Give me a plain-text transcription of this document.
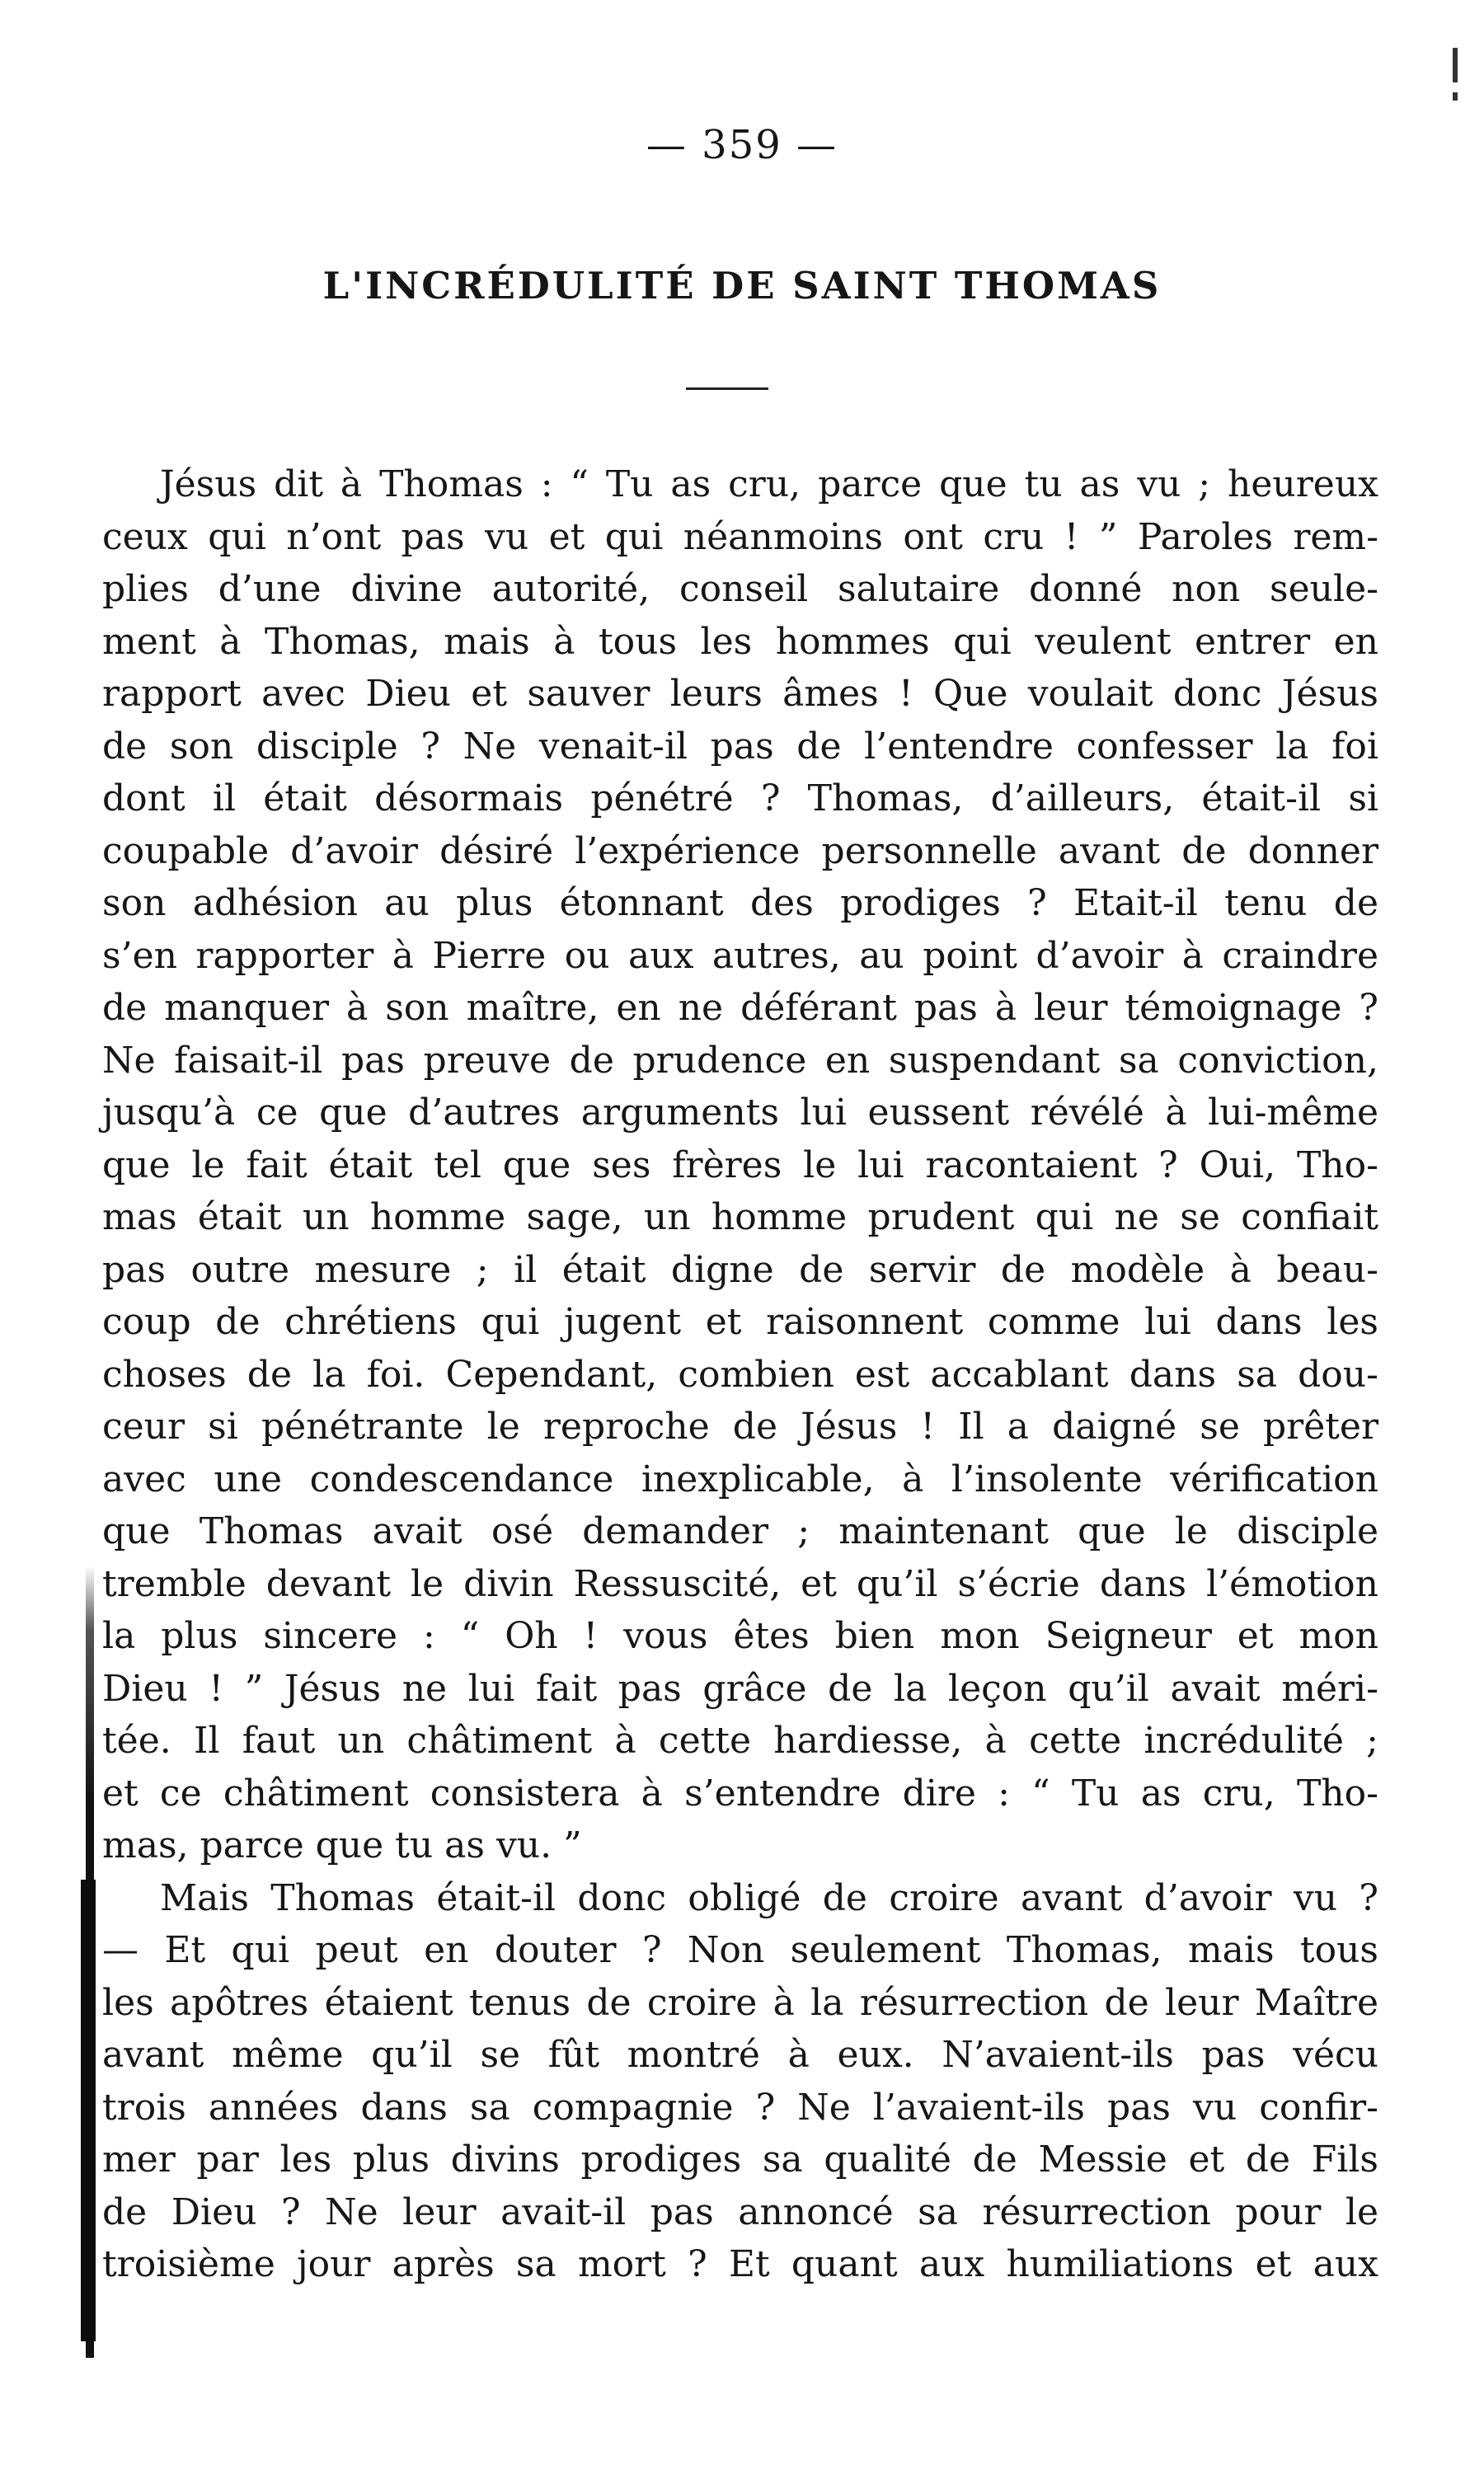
— 359 —
L'INCRÉDULITÉ DE SAINT THOMAS
Jésus dit à Thomas : “ Tu as cru, parce que tu as vu ; heureux
ceux qui n’ont pas vu et qui néanmoins ont cru ! ” Paroles rem-
plies d’une divine autorité, conseil salutaire donné non seule-
ment à Thomas, mais à tous les hommes qui veulent entrer en
rapport avec Dieu et sauver leurs âmes ! Que voulait donc Jésus
de son disciple ? Ne venait-il pas de l’entendre confesser la foi
dont il était désormais pénétré ? Thomas, d’ailleurs, était-il si
coupable d’avoir désiré l’expérience personnelle avant de donner
son adhésion au plus étonnant des prodiges ? Etait-il tenu de
s’en rapporter à Pierre ou aux autres, au point d’avoir à craindre
de manquer à son maître, en ne déférant pas à leur témoignage ?
Ne faisait-il pas preuve de prudence en suspendant sa conviction,
jusqu’à ce que d’autres arguments lui eussent révélé à lui-même
que le fait était tel que ses frères le lui racontaient ? Oui, Tho-
mas était un homme sage, un homme prudent qui ne se confiait
pas outre mesure ; il était digne de servir de modèle à beau-
coup de chrétiens qui jugent et raisonnent comme lui dans les
choses de la foi. Cependant, combien est accablant dans sa dou-
ceur si pénétrante le reproche de Jésus ! Il a daigné se prêter
avec une condescendance inexplicable, à l’insolente vérification
que Thomas avait osé demander ; maintenant que le disciple
tremble devant le divin Ressuscité, et qu’il s’écrie dans l’émotion
la plus sincere : “ Oh ! vous êtes bien mon Seigneur et mon
Dieu ! ” Jésus ne lui fait pas grâce de la leçon qu’il avait méri-
tée. Il faut un châtiment à cette hardiesse, à cette incrédulité ;
et ce châtiment consistera à s’entendre dire : “ Tu as cru, Tho-
mas, parce que tu as vu. ”
Mais Thomas était-il donc obligé de croire avant d’avoir vu ?
— Et qui peut en douter ? Non seulement Thomas, mais tous
les apôtres étaient tenus de croire à la résurrection de leur Maître
avant même qu’il se fût montré à eux. N’avaient-ils pas vécu
trois années dans sa compagnie ? Ne l’avaient-ils pas vu confir-
mer par les plus divins prodiges sa qualité de Messie et de Fils
de Dieu ? Ne leur avait-il pas annoncé sa résurrection pour le
troisième jour après sa mort ? Et quant aux humiliations et aux
